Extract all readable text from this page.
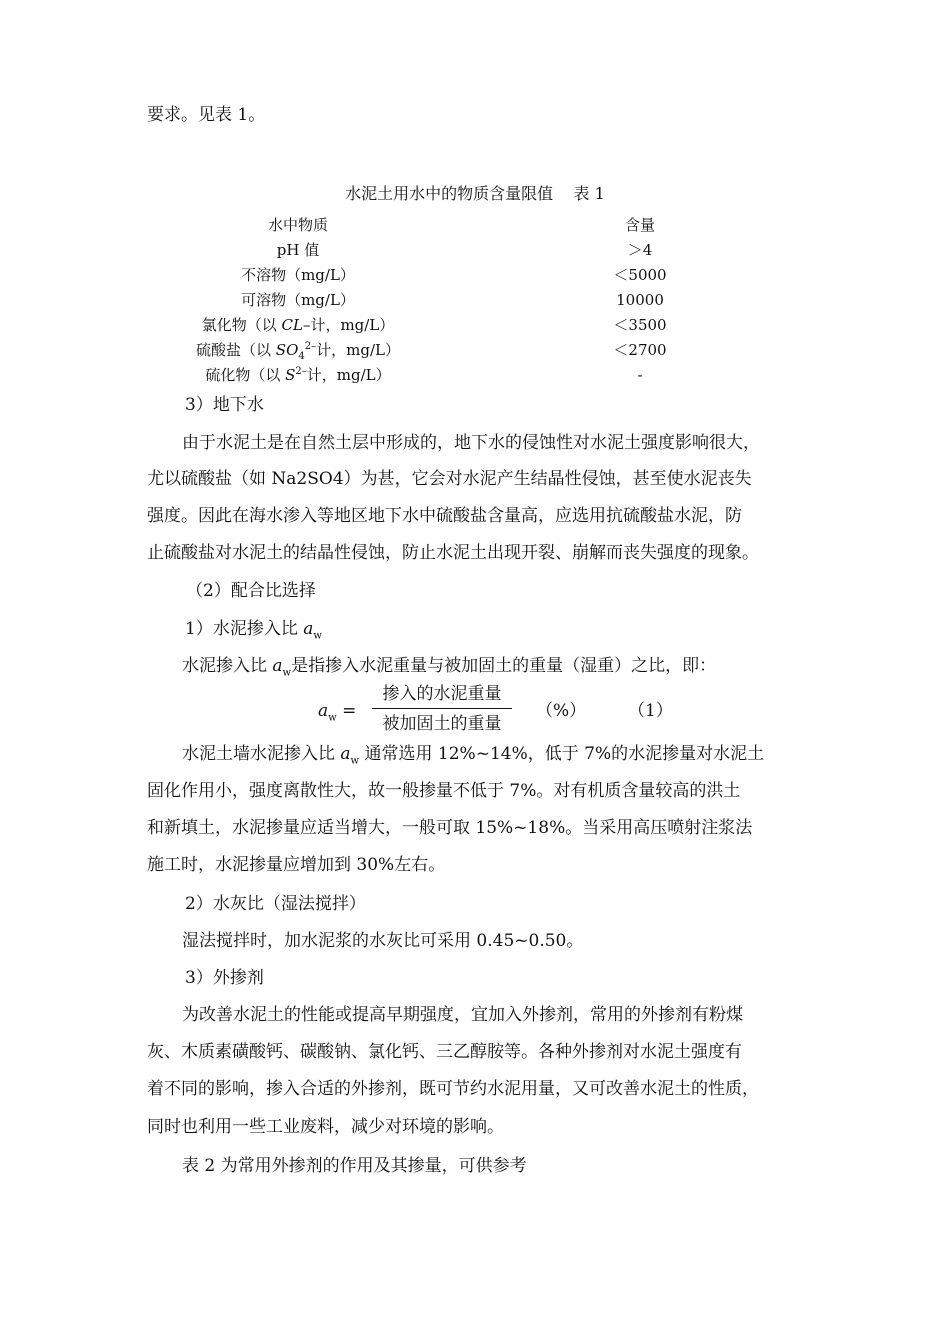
要求。见表 1。
水泥土用水中的物质含量限值 表 1
水中物质	含量
pH 值	＞4
不溶物（mg/L）	＜5000
可溶物（mg/L）	10000
氯化物（以 CL–计，mg/L）	＜3500
硫酸盐（以 $SO_4^{2-}$计，mg/L）	＜2700
硫化物（以 $S^{2-}$计，mg/L）	-
3）地下水
由于水泥土是在自然土层中形成的，地下水的侵蚀性对水泥土强度影响很大，
尤以硫酸盐（如 Na2SO4）为甚，它会对水泥产生结晶性侵蚀，甚至使水泥丧失
强度。因此在海水渗入等地区地下水中硫酸盐含量高，应选用抗硫酸盐水泥，防
止硫酸盐对水泥土的结晶性侵蚀，防止水泥土出现开裂、崩解而丧失强度的现象。
（2）配合比选择
1）水泥掺入比 $a_w$
水泥掺入比 $a_w$是指掺入水泥重量与被加固土的重量（湿重）之比，即：
$a_w$ =
掺入的水泥重量
被加固土的重量
（%） （1）
水泥土墙水泥掺入比 $a_w$ 通常选用 12%~14%，低于 7%的水泥掺量对水泥土
固化作用小，强度离散性大，故一般掺量不低于 7%。对有机质含量较高的洪土
和新填土，水泥掺量应适当增大，一般可取 15%~18%。当采用高压喷射注浆法
施工时，水泥掺量应增加到 30%左右。
2）水灰比（湿法搅拌）
湿法搅拌时，加水泥浆的水灰比可采用 0.45~0.50。
3）外掺剂
为改善水泥土的性能或提高早期强度，宜加入外掺剂，常用的外掺剂有粉煤
灰、木质素磺酸钙、碳酸钠、氯化钙、三乙醇胺等。各种外掺剂对水泥土强度有
着不同的影响，掺入合适的外掺剂，既可节约水泥用量，又可改善水泥土的性质，
同时也利用一些工业废料，减少对环境的影响。
表 2 为常用外掺剂的作用及其掺量，可供参考
